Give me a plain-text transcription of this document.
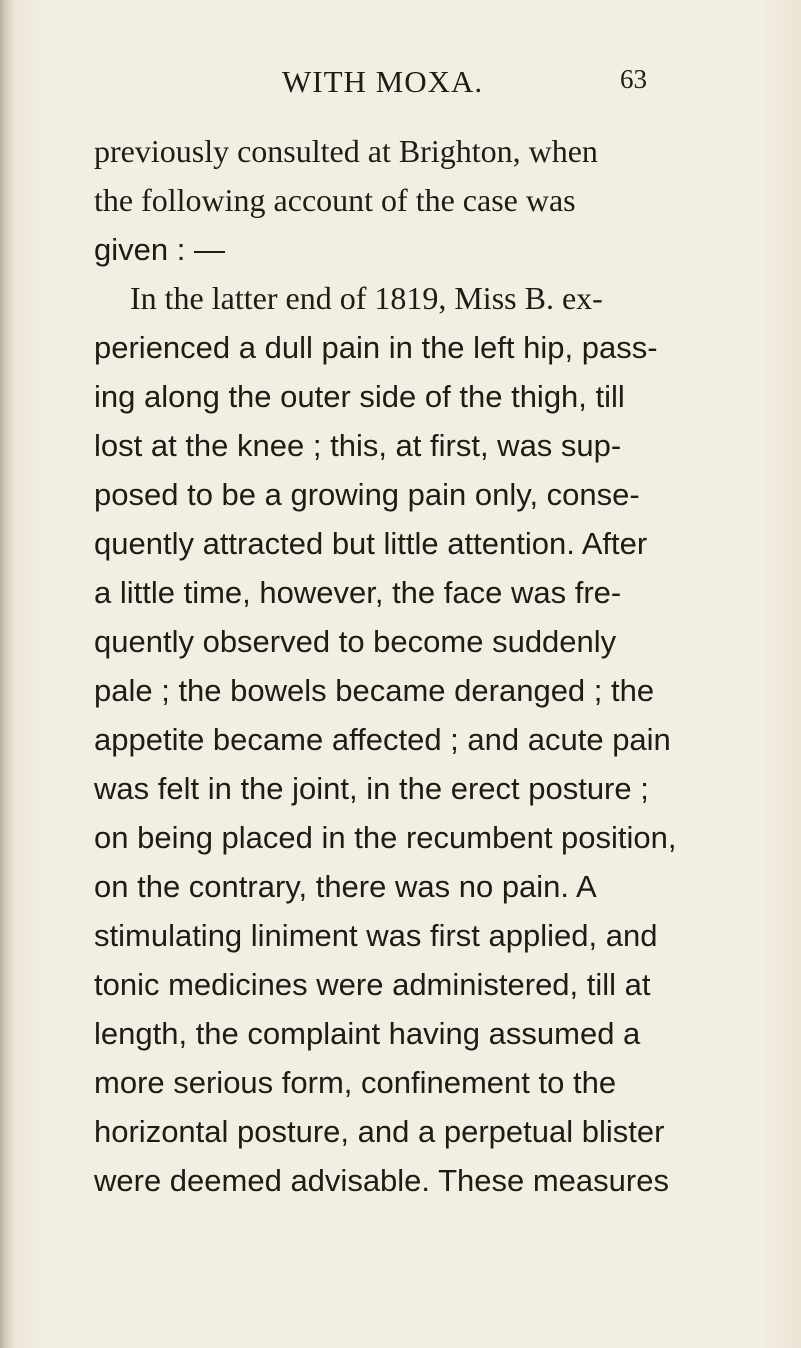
WITH MOXA.	63
previously consulted at Brighton, when
the following account of the case was
given : —
In the latter end of 1819, Miss B. ex-
perienced a dull pain in the left hip, pass-
ing along the outer side of the thigh, till
lost at the knee ; this, at first, was sup-
posed to be a growing pain only, conse-
quently attracted but little attention. After
a little time, however, the face was fre-
quently observed to become suddenly
pale ; the bowels became deranged ; the
appetite became affected ; and acute pain
was felt in the joint, in the erect posture ;
on being placed in the recumbent position,
on the contrary, there was no pain. A
stimulating liniment was first applied, and
tonic medicines were administered, till at
length, the complaint having assumed a
more serious form, confinement to the
horizontal posture, and a perpetual blister
were deemed advisable. These measures
